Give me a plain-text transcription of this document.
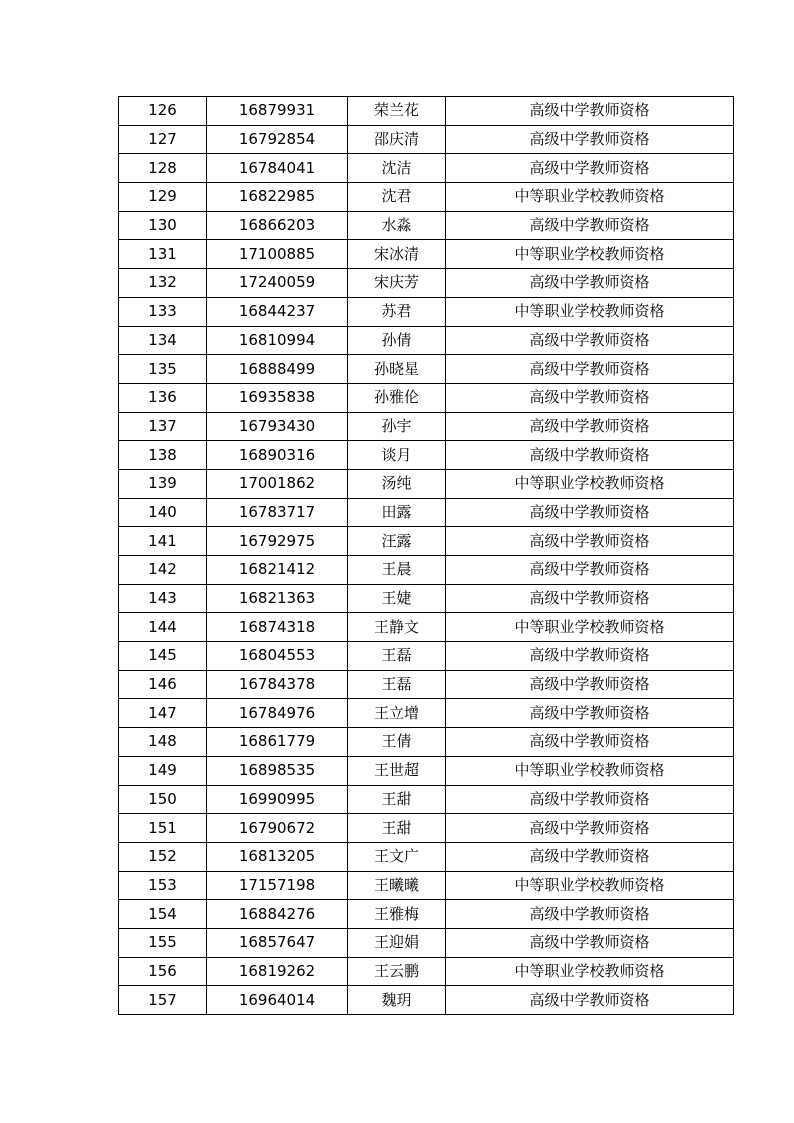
126	16879931	荣兰花	高级中学教师资格
127	16792854	邵庆清	高级中学教师资格
128	16784041	沈洁	高级中学教师资格
129	16822985	沈君	中等职业学校教师资格
130	16866203	水淼	高级中学教师资格
131	17100885	宋冰清	中等职业学校教师资格
132	17240059	宋庆芳	高级中学教师资格
133	16844237	苏君	中等职业学校教师资格
134	16810994	孙倩	高级中学教师资格
135	16888499	孙晓星	高级中学教师资格
136	16935838	孙雅伦	高级中学教师资格
137	16793430	孙宇	高级中学教师资格
138	16890316	谈月	高级中学教师资格
139	17001862	汤纯	中等职业学校教师资格
140	16783717	田露	高级中学教师资格
141	16792975	汪露	高级中学教师资格
142	16821412	王晨	高级中学教师资格
143	16821363	王婕	高级中学教师资格
144	16874318	王静文	中等职业学校教师资格
145	16804553	王磊	高级中学教师资格
146	16784378	王磊	高级中学教师资格
147	16784976	王立增	高级中学教师资格
148	16861779	王倩	高级中学教师资格
149	16898535	王世超	中等职业学校教师资格
150	16990995	王甜	高级中学教师资格
151	16790672	王甜	高级中学教师资格
152	16813205	王文广	高级中学教师资格
153	17157198	王曦曦	中等职业学校教师资格
154	16884276	王雅梅	高级中学教师资格
155	16857647	王迎娟	高级中学教师资格
156	16819262	王云鹏	中等职业学校教师资格
157	16964014	魏玥	高级中学教师资格
